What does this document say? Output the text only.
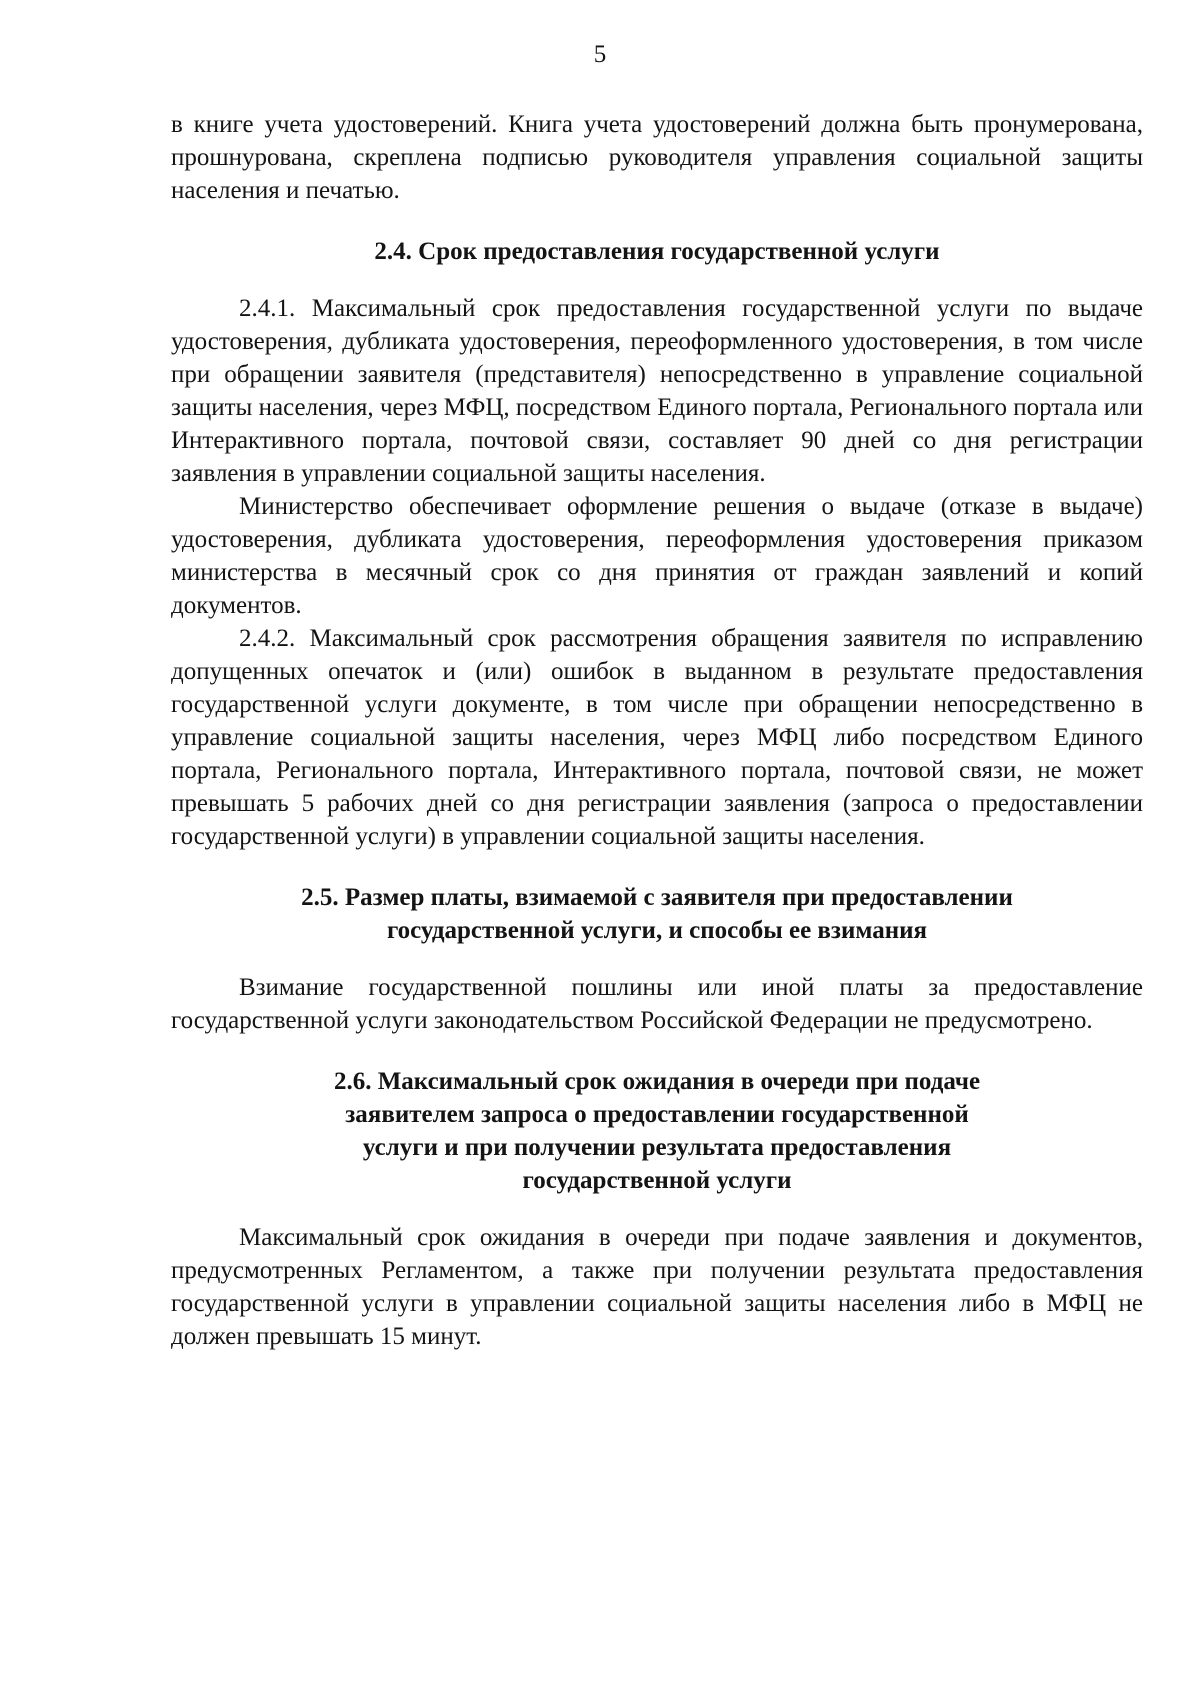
5

в книге учета удостоверений. Книга учета удостоверений должна быть пронумерована, прошнурована, скреплена подписью руководителя управления социальной защиты населения и печатью.

2.4. Срок предоставления государственной услуги

2.4.1. Максимальный срок предоставления государственной услуги по выдаче удостоверения, дубликата удостоверения, переоформленного удостоверения, в том числе при обращении заявителя (представителя) непосредственно в управление социальной защиты населения, через МФЦ, посредством Единого портала, Регионального портала или Интерактивного портала, почтовой связи, составляет 90 дней со дня регистрации заявления в управлении социальной защиты населения.

Министерство обеспечивает оформление решения о выдаче (отказе в выдаче) удостоверения, дубликата удостоверения, переоформления удостоверения приказом министерства в месячный срок со дня принятия от граждан заявлений и копий документов.

2.4.2. Максимальный срок рассмотрения обращения заявителя по исправлению допущенных опечаток и (или) ошибок в выданном в результате предоставления государственной услуги документе, в том числе при обращении непосредственно в управление социальной защиты населения, через МФЦ либо посредством Единого портала, Регионального портала, Интерактивного портала, почтовой связи, не может превышать 5 рабочих дней со дня регистрации заявления (запроса о предоставлении государственной услуги) в управлении социальной защиты населения.

2.5. Размер платы, взимаемой с заявителя при предоставлении
государственной услуги, и способы ее взимания

Взимание государственной пошлины или иной платы за предоставление государственной услуги законодательством Российской Федерации не предусмотрено.

2.6. Максимальный срок ожидания в очереди при подаче
заявителем запроса о предоставлении государственной
услуги и при получении результата предоставления
государственной услуги

Максимальный срок ожидания в очереди при подаче заявления и документов, предусмотренных Регламентом, а также при получении результата предоставления государственной услуги в управлении социальной защиты населения либо в МФЦ не должен превышать 15 минут.
